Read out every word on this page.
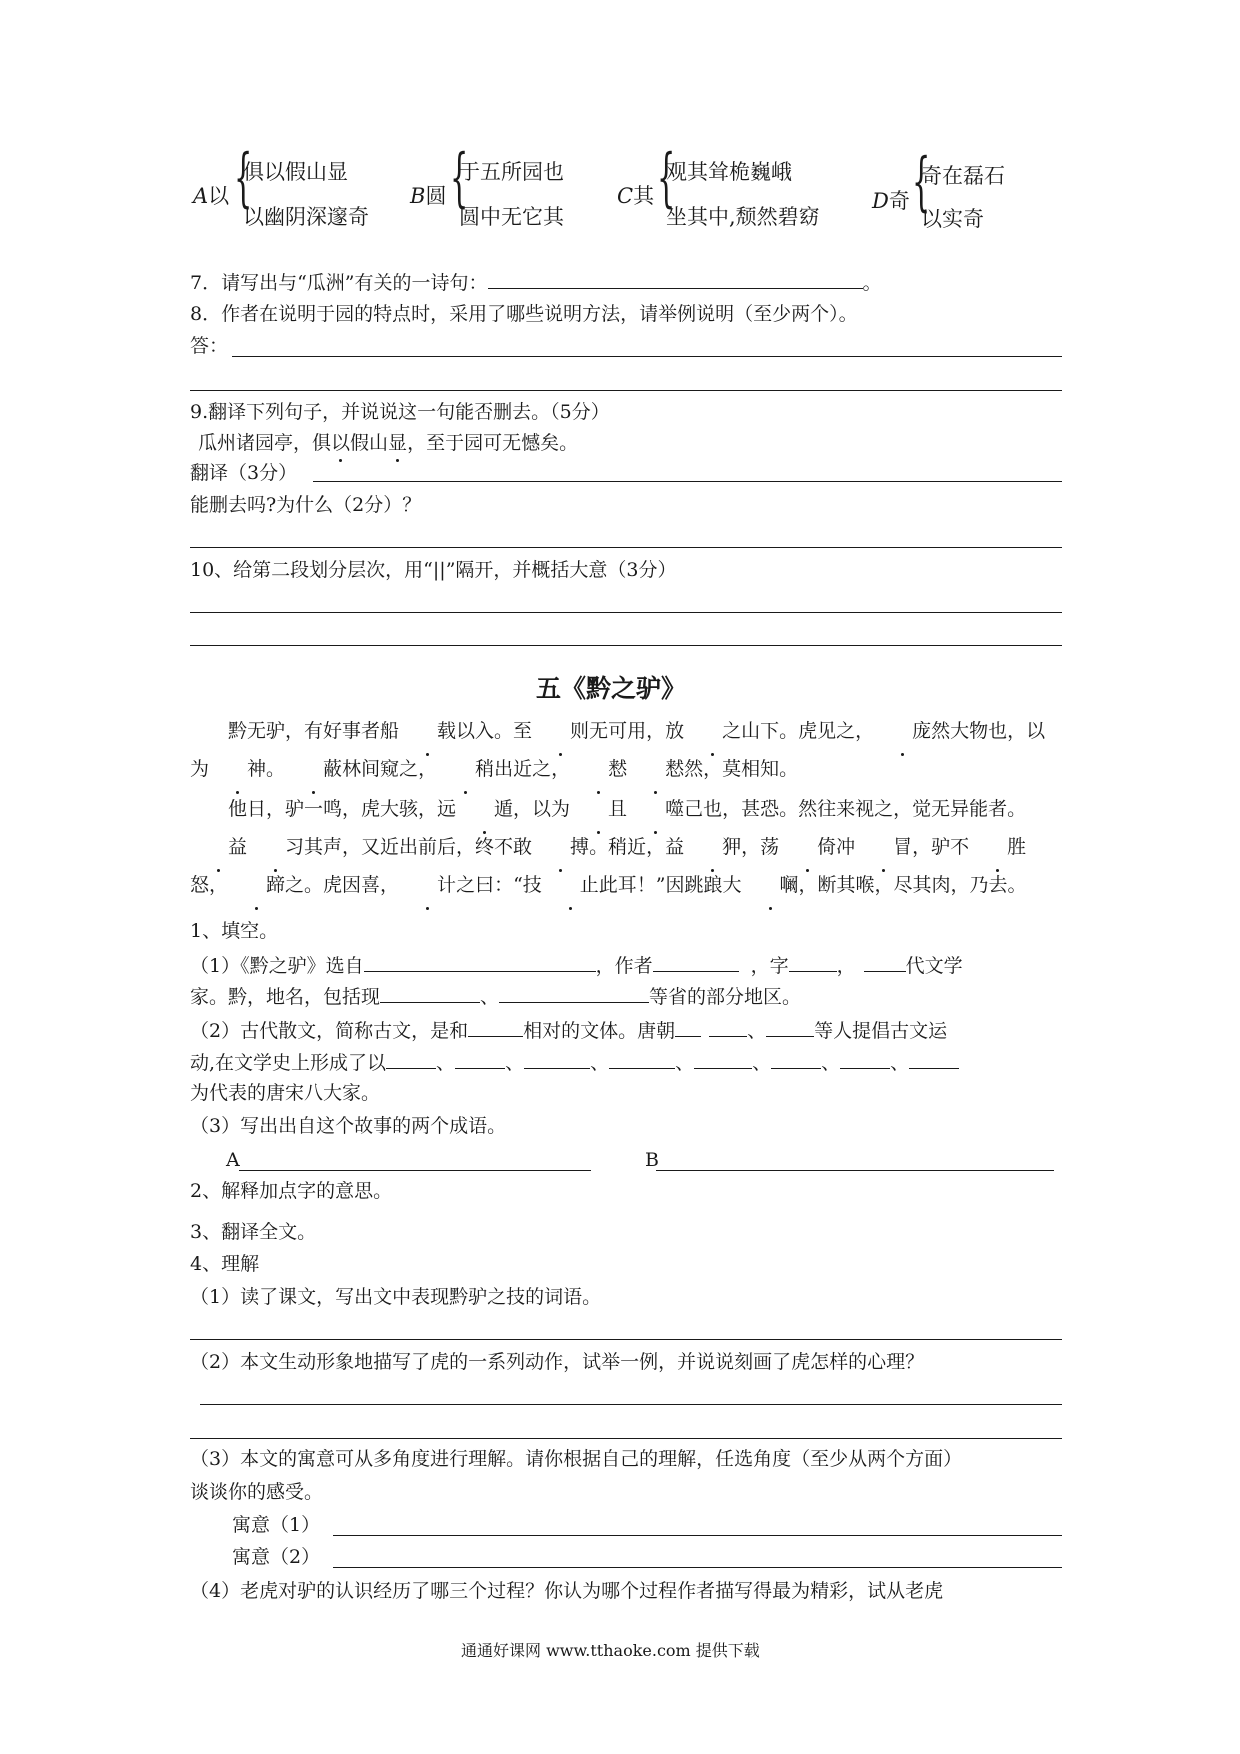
A以 {
俱以假山显
以幽阴深邃奇
B圆 {
于五所园也
圆中无它其
C其 {
观其耸桅巍峨
坐其中,颓然碧窈
D奇 {
奇在磊石
以实奇
7．请写出与“瓜洲”有关的一诗句：	。
8．作者在说明于园的特点时，采用了哪些说明方法，请举例说明（至少两个）。
答：
9.翻译下列句子，并说说这一句能否删去。（5分）
瓜州诸园亭，俱以假山显，至于园可无憾矣。
翻译（3分）
能删去吗?为什么（2分）？
10、给第二段划分层次，用“||”隔开，并概括大意（3分）
五《黔之驴》
黔无驴，有好事者船 载以入。至 则无可用，放 之山下。虎见之， 庞然大物也，以为 神。 蔽林间窥之， 稍出近之， 慭 慭然，莫相知。
他日，驴一鸣，虎大骇，远 遁，以为 且 噬己也，甚恐。然往来视之，觉无异能者。益 习其声，又近出前后，终不敢 搏。稍近，益 狎，荡 倚冲 冒，驴不 胜怒， 蹄之。虎因喜， 计之曰：“技 止此耳！”因跳踉大 㘎，断其喉，尽其肉，乃去。
1、填空。
（1）《黔之驴》选自	，作者	，字	，	代文学
家。黔，地名，包括现	、	等省的部分地区。
（2）古代散文，简称古文，是和	相对的文体。唐朝	、	等人提倡古文运
动,在文学史上形成了以	、	、	、	、	、	、	、
为代表的唐宋八大家。
（3）写出出自这个故事的两个成语。
A	B
2、解释加点字的意思。
3、翻译全文。
4、理解
（1）读了课文，写出文中表现黔驴之技的词语。
（2）本文生动形象地描写了虎的一系列动作，试举一例，并说说刻画了虎怎样的心理？
（3）本文的寓意可从多角度进行理解。请你根据自己的理解，任选角度（至少从两个方面）
谈谈你的感受。
寓意（1）
寓意（2）
（4）老虎对驴的认识经历了哪三个过程？你认为哪个过程作者描写得最为精彩，试从老虎
通通好课网 www.tthaoke.com 提供下载
